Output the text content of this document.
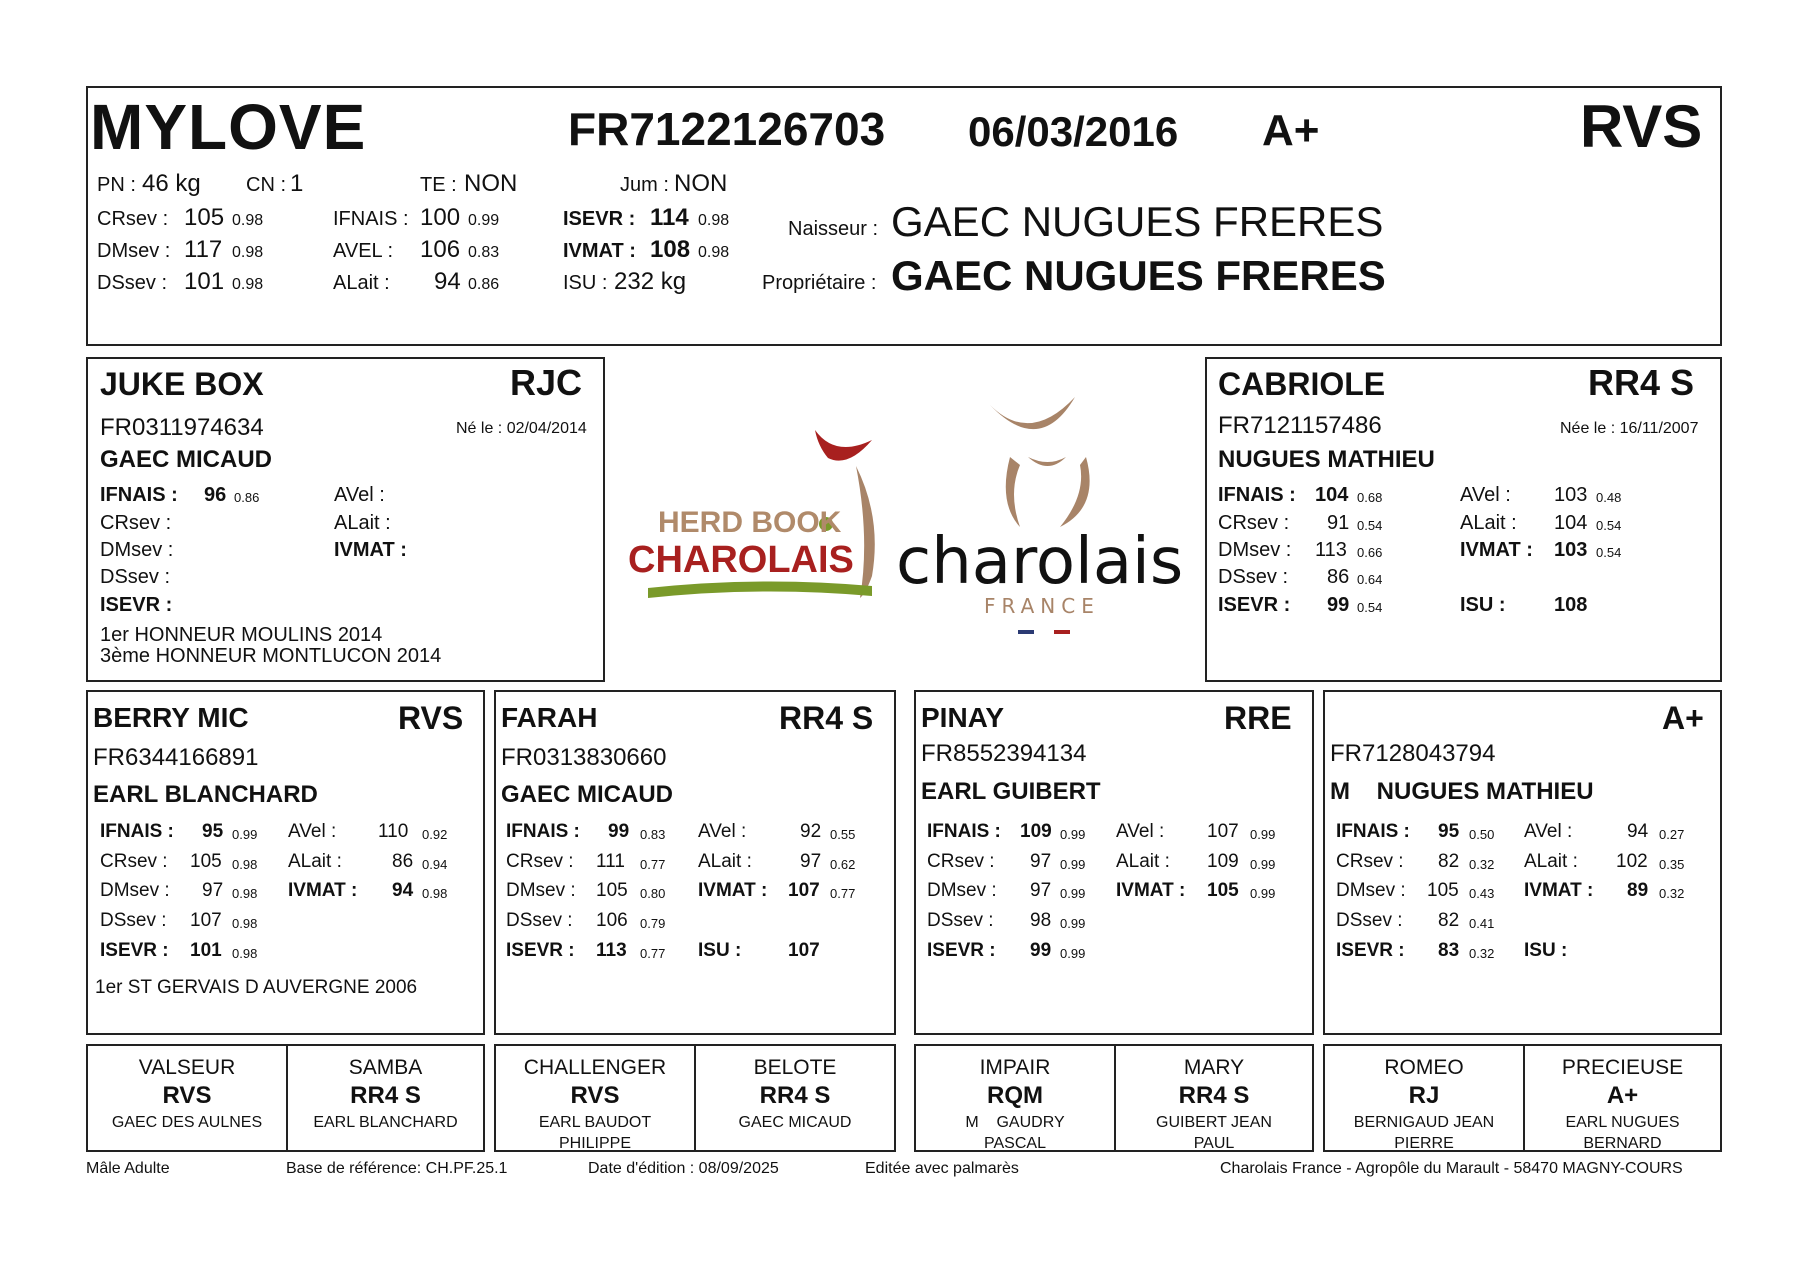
MYLOVE	FR7122126703 06/03/2016 A+	RVS
PN : 46 kg CN : 1	TE : NON	Jum : NON
CRsev : 105 0.98
DMsev : 117 0.98
DSsev : 101 0.98
IFNAIS : 100 0.99
AVEL : 106 0.83
ALait : 94 0.86
ISEVR : 114 0.98
IVMAT : 108 0.98
ISU : 232 kg
Naisseur : GAEC NUGUES FRERES
Propriétaire : GAEC NUGUES FRERES
JUKE BOX	RJC
FR0311974634	Né le : 02/04/2014
GAEC MICAUD
IFNAIS : 96 0.86
CRsev :
DMsev :
DSsev :
ISEVR :
AVel :
ALait :
IVMAT :
1er HONNEUR MOULINS 2014
3ème HONNEUR MONTLUCON 2014
HERD BOOK
CHAROLAIS charolais
FRANCE
CABRIOLE	RR4 S
FR7121157486	Née le : 16/11/2007
NUGUES MATHIEU
IFNAIS : 104 0.68
CRsev : 91 0.54
DMsev : 113 0.66
DSsev : 86 0.64
ISEVR : 99 0.54
AVel : 103 0.48
ALait : 104 0.54
IVMAT : 103 0.54
ISU : 108
BERRY MIC	RVS
FR6344166891
EARL BLANCHARD
IFNAIS : 95 0.99
CRsev : 105 0.98
DMsev : 97 0.98
DSsev : 107 0.98
ISEVR : 101 0.98
AVel : 110 0.92
ALait :	86 0.94
IVMAT : 94 0.98
1er ST GERVAIS D AUVERGNE 2006
FARAH	RR4 S
FR0313830660
GAEC MICAUD
IFNAIS : 99 0.83
CRsev : 111 0.77
DMsev : 105 0.80
DSsev : 106 0.79
ISEVR : 113 0.77
AVel :	92 0.55
ALait :	97 0.62
IVMAT : 107 0.77
ISU : 107
PINAY	RRE
FR8552394134
EARL GUIBERT
IFNAIS : 109 0.99
CRsev : 97 0.99
DMsev : 97 0.99
DSsev : 98 0.99
ISEVR : 99 0.99
AVel : 107 0.99
ALait : 109 0.99
IVMAT : 105 0.99
A+
FR7128043794
M    NUGUES MATHIEU
IFNAIS : 95 0.50
CRsev : 82 0.32
DMsev : 105 0.43
DSsev : 82 0.41
ISEVR : 83 0.32
AVel :	94 0.27
ALait : 102 0.35
IVMAT : 89 0.32
ISU :
VALSEUR
RVS
GAEC DES AULNES
SAMBA
RR4 S
EARL BLANCHARD
CHALLENGER
RVS
EARL BAUDOT
PHILIPPE
BELOTE
RR4 S
GAEC MICAUD
IMPAIR
RQM
M    GAUDRY
PASCAL
MARY
RR4 S
GUIBERT JEAN
PAUL
ROMEO
RJ
BERNIGAUD JEAN
PIERRE
PRECIEUSE
A+
EARL NUGUES
BERNARD
Mâle Adulte	Base de référence: CH.PF.25.1	Date d'édition : 08/09/2025	Editée avec palmarès	Charolais France - Agropôle du Marault - 58470 MAGNY-COURS
